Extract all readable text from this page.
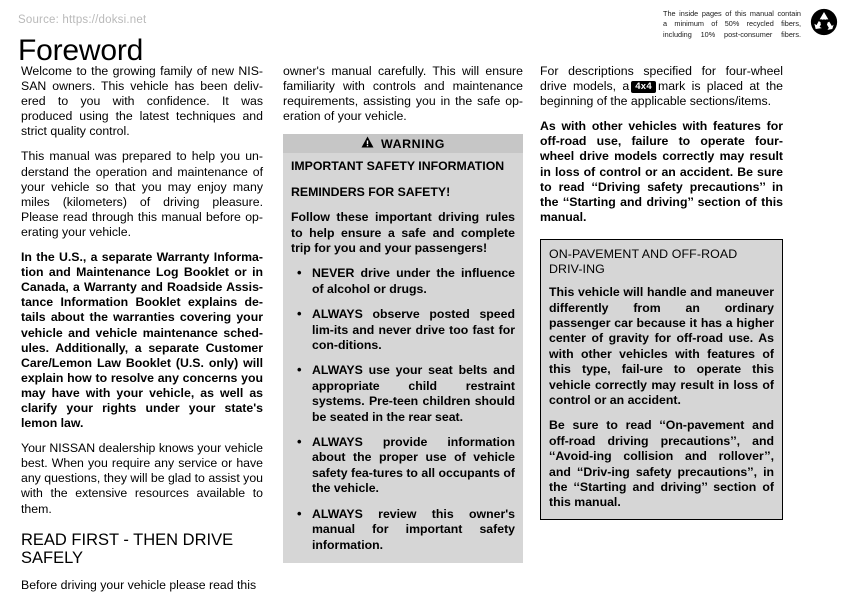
Source: https://doksi.net
Foreword
The inside pages of this manual contain
a minimum of 50% recycled fibers,
including 10% post-consumer fibers.

Welcome to the growing family of new NIS-SAN owners. This vehicle has been deliv-ered to you with confidence. It was produced using the latest techniques and strict quality control.

This manual was prepared to help you un-derstand the operation and maintenance of your vehicle so that you may enjoy many miles (kilometers) of driving pleasure. Please read through this manual before op-erating your vehicle.

In the U.S., a separate Warranty Informa-tion and Maintenance Log Booklet or in Canada, a Warranty and Roadside Assis-tance Information Booklet explains de-tails about the warranties covering your vehicle and vehicle maintenance sched-ules. Additionally, a separate Customer Care/Lemon Law Booklet (U.S. only) will explain how to resolve any concerns you may have with your vehicle, as well as clarify your rights under your state's lemon law.

Your NISSAN dealership knows your vehicle best. When you require any service or have any questions, they will be glad to assist you with the extensive resources available to them.

READ FIRST - THEN DRIVE SAFELY

Before driving your vehicle please read this

owner's manual carefully. This will ensure familiarity with controls and maintenance requirements, assisting you in the safe op-eration of your vehicle.

WARNING

IMPORTANT SAFETY INFORMATION

REMINDERS FOR SAFETY!

Follow these important driving rules to help ensure a safe and complete trip for you and your passengers!

• NEVER drive under the influence of alcohol or drugs.
• ALWAYS observe posted speed lim-its and never drive too fast for con-ditions.
• ALWAYS use your seat belts and appropriate child restraint systems. Pre-teen children should be seated in the rear seat.
• ALWAYS provide information about the proper use of vehicle safety fea-tures to all occupants of the vehicle.
• ALWAYS review this owner's manual for important safety information.

For descriptions specified for four-wheel drive models, a 4x4 mark is placed at the beginning of the applicable sections/items.

As with other vehicles with features for off-road use, failure to operate four-wheel drive models correctly may result in loss of control or an accident. Be sure to read ‘‘Driving safety precautions’’ in the ‘‘Starting and driving’’ section of this manual.

ON-PAVEMENT AND OFF-ROAD DRIV-ING

This vehicle will handle and maneuver differently from an ordinary passenger car because it has a higher center of gravity for off-road use. As with other vehicles with features of this type, fail-ure to operate this vehicle correctly may result in loss of control or an accident.

Be sure to read ‘‘On-pavement and off-road driving precautions’’, and ‘‘Avoid-ing collision and rollover’’, and ‘‘Driv-ing safety precautions’’, in the ‘‘Starting and driving’’ section of this manual.
